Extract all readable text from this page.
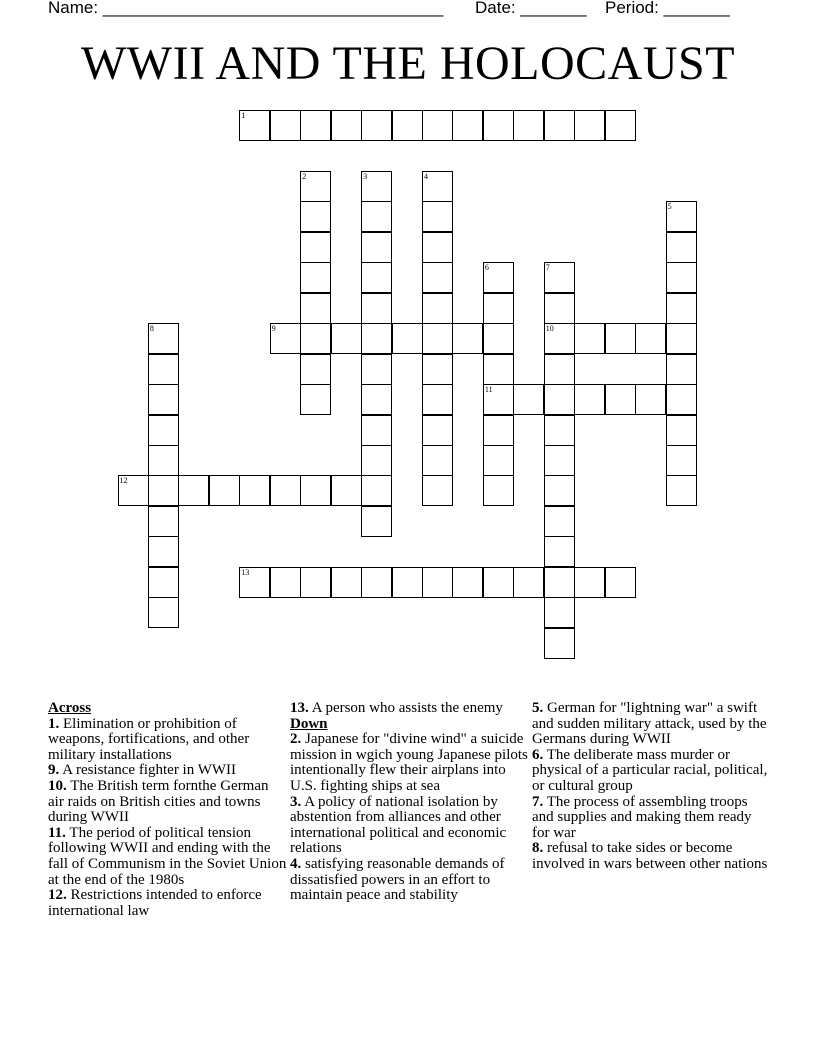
Name: ____________________________________ Date: _______ Period: _______
WWII AND THE HOLOCAUST
1
2	3	4
5
6
11
7
10
8	9
12
13

Across

1. Elimination or prohibition of weapons, fortifications, and other military installations

9. A resistance fighter in WWII

10. The British term fornthe German air raids on British cities and towns during WWII

11. The period of political tension following WWII and ending with the fall of Communism in the Soviet Union at the end of the 1980s

12. Restrictions intended to enforce international law

13. A person who assists the enemy

Down

2. Japanese for "divine wind" a suicide mission in wgich young Japanese pilots intentionally flew their airplans into U.S. fighting ships at sea

3. A policy of national isolation by abstention from alliances and other international political and economic relations

4. satisfying reasonable demands of dissatisfied powers in an effort to maintain peace and stability

5. German for "lightning war" a swift and sudden military attack, used by the Germans during WWII

6. The deliberate mass murder or physical of a particular racial, political, or cultural group

7. The process of assembling troops and supplies and making them ready for war

8. refusal to take sides or become involved in wars between other nations
